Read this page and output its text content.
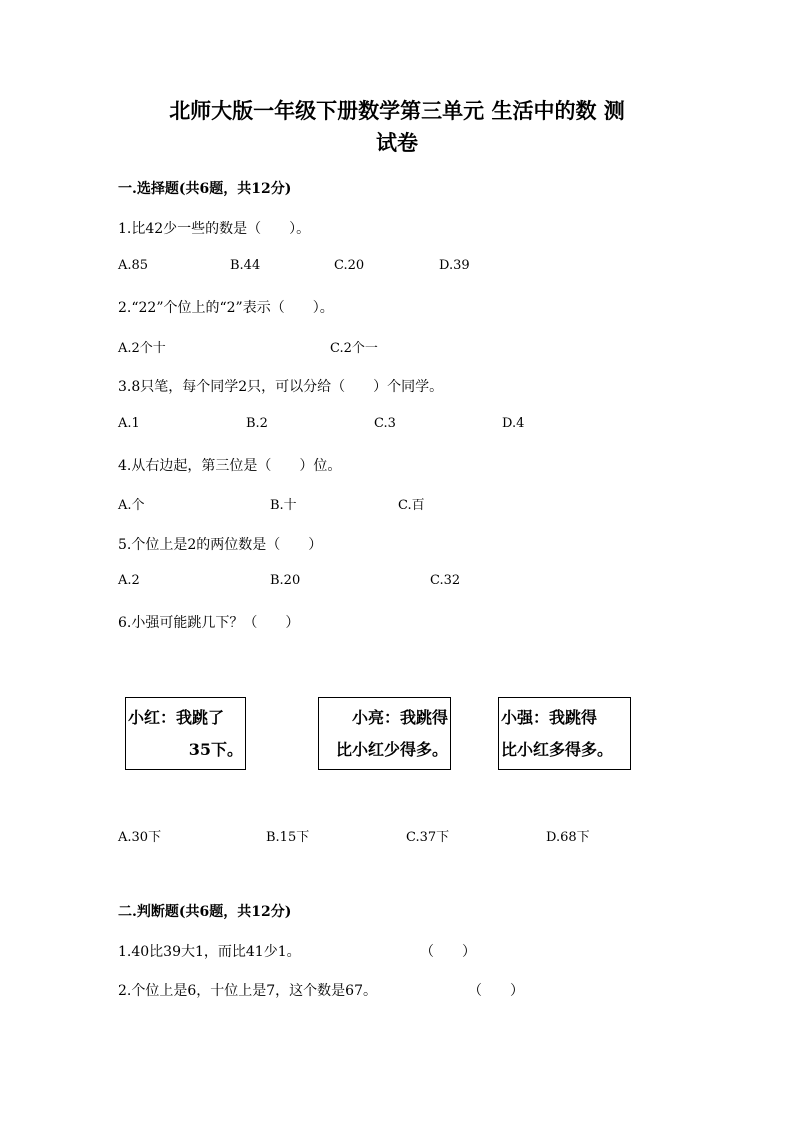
北师大版一年级下册数学第三单元 生活中的数 测
试卷
一.选择题(共6题，共12分)
1.比42少一些的数是（　　）。
A.85	B.44	C.20	D.39
2.“22”个位上的“2”表示（　　）。
A.2个十	C.2个一
3.8只笔，每个同学2只，可以分给（　　）个同学。
A.1	B.2	C.3	D.4
4.从右边起，第三位是（　　）位。
A.个	B.十	C.百
5.个位上是2的两位数是（　　）
A.2	B.20	C.32
6.小强可能跳几下？（　　）
小红：我跳了
35下。
小亮：我跳得
比小红少得多。
小强：我跳得
比小红多得多。
A.30下	B.15下	C.37下	D.68下
二.判断题(共6题，共12分)
1.40比39大1，而比41少1。	（　　）
2.个位上是6，十位上是7，这个数是67。	（　　）
